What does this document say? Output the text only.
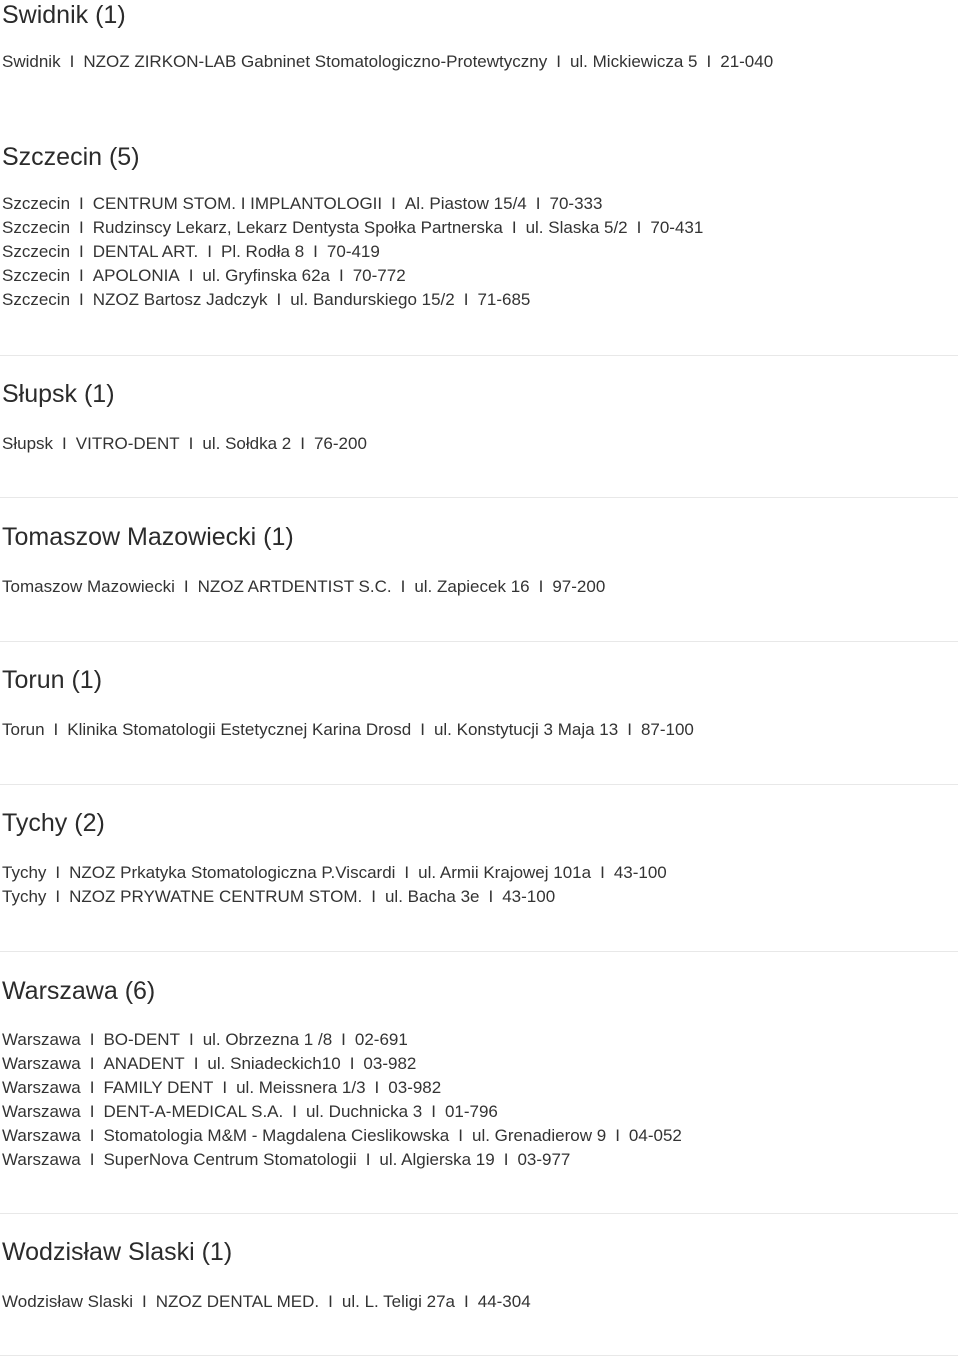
Swidnik (1)
Swidnik I NZOZ ZIRKON-LAB Gabninet Stomatologiczno-Protewtyczny I ul. Mickiewicza 5 I 21-040
Szczecin (5)
Szczecin I CENTRUM STOM. I IMPLANTOLOGII I Al. Piastow 15/4 I 70-333
Szczecin I Rudzinscy Lekarz, Lekarz Dentysta Społka Partnerska I ul. Slaska 5/2 I 70-431
Szczecin I DENTAL ART. I Pl. Rodła 8 I 70-419
Szczecin I APOLONIA I ul. Gryfinska 62a I 70-772
Szczecin I NZOZ Bartosz Jadczyk I ul. Bandurskiego 15/2 I 71-685
Słupsk (1)
Słupsk I VITRO-DENT I ul. Sołdka 2 I 76-200
Tomaszow Mazowiecki (1)
Tomaszow Mazowiecki I NZOZ ARTDENTIST S.C. I ul. Zapiecek 16 I 97-200
Torun (1)
Torun I Klinika Stomatologii Estetycznej Karina Drosd I ul. Konstytucji 3 Maja 13 I 87-100
Tychy (2)
Tychy I NZOZ Prkatyka Stomatologiczna P.Viscardi I ul. Armii Krajowej 101a I 43-100
Tychy I NZOZ PRYWATNE CENTRUM STOM. I ul. Bacha 3e I 43-100
Warszawa (6)
Warszawa I BO-DENT I ul. Obrzezna 1 /8 I 02-691
Warszawa I ANADENT I ul. Sniadeckich10 I 03-982
Warszawa I FAMILY DENT I ul. Meissnera 1/3 I 03-982
Warszawa I DENT-A-MEDICAL S.A. I ul. Duchnicka 3 I 01-796
Warszawa I Stomatologia M&M - Magdalena Cieslikowska I ul. Grenadierow 9 I 04-052
Warszawa I SuperNova Centrum Stomatologii I ul. Algierska 19 I 03-977
Wodzisław Slaski (1)
Wodzisław Slaski I NZOZ DENTAL MED. I ul. L. Teligi 27a I 44-304
